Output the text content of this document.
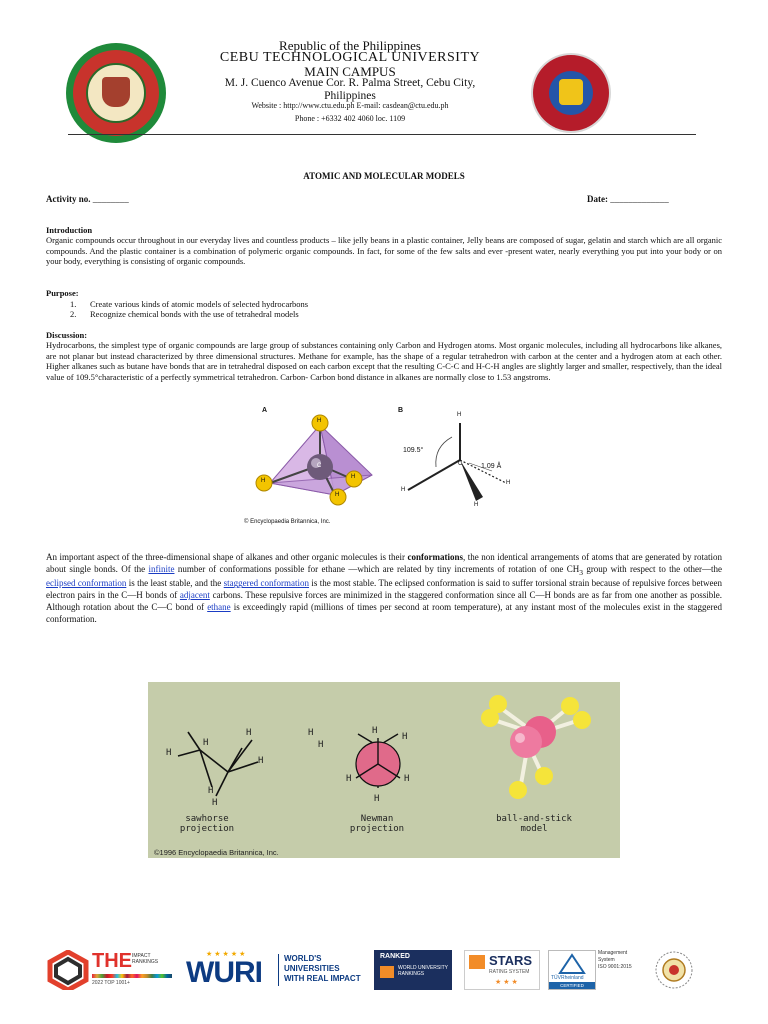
Republic of the Philippines
CEBU TECHNOLOGICAL UNIVERSITY
MAIN CAMPUS
M. J. Cuenco Avenue Cor. R. Palma Street, Cebu City,
Philippines
Website : http://www.ctu.edu.ph E-mail: casdean@ctu.edu.ph
Phone : +6332 402 4060 loc. 1109
ATOMIC AND MOLECULAR MODELS
Activity no. ________	Date: _____________
Introduction
Organic compounds occur throughout in our everyday lives and countless products – like jelly beans in a plastic container, Jelly beans are composed of sugar, gelatin and starch which are all organic compounds. And the plastic container is a combination of polymeric organic compounds. In fact, for some of the few salts and ever -present water, nearly everything you put into your body or on your body, everything is consisting of organic compounds.
Purpose:
1. Create various kinds of atomic models of selected hydrocarbons
2. Recognize chemical bonds with the use of tetrahedral models
Discussion:
Hydrocarbons, the simplest type of organic compounds are large group of substances containing only Carbon and Hydrogen atoms. Most organic molecules, including all hydrocarbons like alkanes, are not planar but instead characterized by three dimensional structures. Methane for example, has the shape of a regular tetrahedron with carbon at the center and a hydrogen atom at each other. Higher alkanes such as butane have bonds that are in tetrahedral disposed on each carbon except that the resulting C-C-C and H-C-H angles are slightly larger and smaller, respectively, than the ideal value of 109.5°characteristic of a perfectly symmetrical tetrahedron. Carbon- Carbon bond distance in alkanes are normally close to 1.53 angstroms.
A	B
H
H
H
H
C
H
C
H
H
H
109.5°
1.09 Å
© Encyclopaedia Britannica, Inc.
An important aspect of the three-dimensional shape of alkanes and other organic molecules is their conformations, the non identical arrangements of atoms that are generated by rotation about single bonds. Of the infinite number of conformations possible for ethane —which are related by tiny increments of rotation of one $CH_3$ group with respect to the other—the eclipsed conformation is the least stable, and the staggered conformation is the most stable. The eclipsed conformation is said to suffer torsional strain because of repulsive forces between electron pairs in the C—H bonds of adjacent carbons. These repulsive forces are minimized in the staggered conformation since all C—H bonds are as far from one another as possible. Although rotation about the C—C bond of ethane is exceedingly rapid (millions of times per second at room temperature), at any instant most of the molecules exist in the staggered conformation.
H
H
H
H
H
H
H
H
H
H
H	H
H
sawhorse
projection
Newman
projection
ball-and-stick
model
©1996 Encyclopaedia Britannica, Inc.
THE IMPACT RANKINGS
2022 TOP 1001+
★★★★★
WURI	WORLD'S
UNIVERSITIES
WITH REAL IMPACT
RANKED
WORLD UNIVERSITY RANKINGS
STARS
RATING SYSTEM
★ ★ ★
TÜVRheinland
CERTIFIED
Management
System
ISO 9001:2015
